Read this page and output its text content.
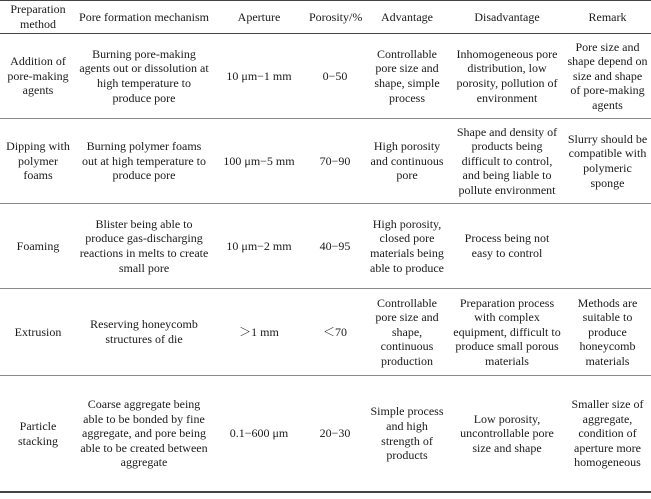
Preparation method	Pore formation mechanism	Aperture	Porosity/%	Advantage	Disadvantage	Remark
Addition of pore-making agents	Burning pore-making agents out or dissolution at high temperature to produce pore	10 μm−1 mm	0−50	Controllable pore size and shape, simple process	Inhomogeneous pore distribution, low porosity, pollution of environment	Pore size and shape depend on size and shape of pore-making agents
Dipping with polymer foams	Burning polymer foams out at high temperature to produce pore	100 μm−5 mm	70−90	High porosity and continuous pore	Shape and density of products being difficult to control, and being liable to pollute environment	Slurry should be compatible with polymeric sponge
Foaming	Blister being able to produce gas-discharging reactions in melts to create small pore	10 μm−2 mm	40−95	High porosity, closed pore materials being able to produce	Process being not easy to control	
Extrusion	Reserving honeycomb structures of die	＞1 mm	＜70	Controllable pore size and shape, continuous production	Preparation process with complex equipment, difficult to produce small porous materials	Methods are suitable to produce honeycomb materials
Particle stacking	Coarse aggregate being able to be bonded by fine aggregate, and pore being able to be created between aggregate	0.1−600 μm	20−30	Simple process and high strength of products	Low porosity, uncontrollable pore size and shape	Smaller size of aggregate, condition of aperture more homogeneous
